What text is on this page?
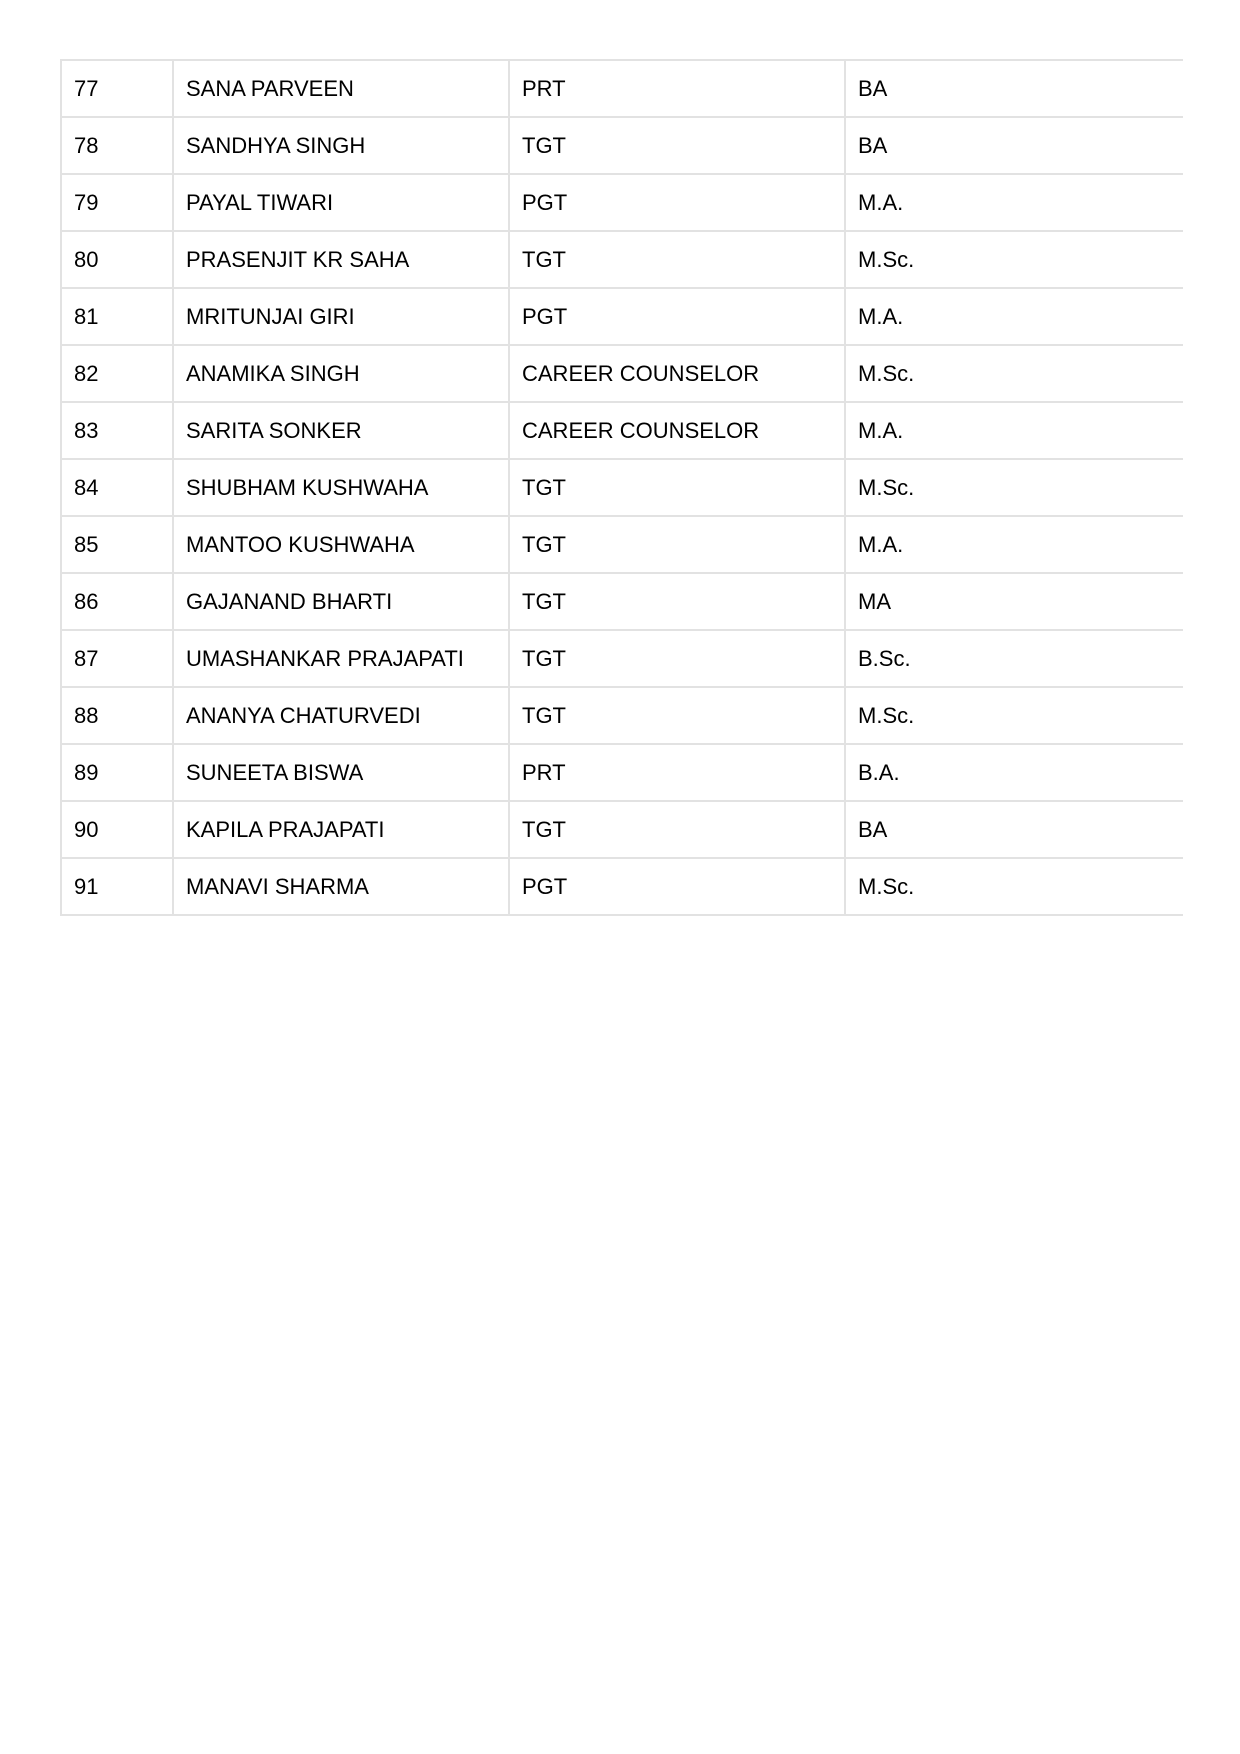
77	SANA PARVEEN	PRT	BA
78	SANDHYA SINGH	TGT	BA
79	PAYAL TIWARI	PGT	M.A.
80	PRASENJIT KR SAHA	TGT	M.Sc.
81	MRITUNJAI GIRI	PGT	M.A.
82	ANAMIKA SINGH	CAREER COUNSELOR	M.Sc.
83	SARITA SONKER	CAREER COUNSELOR	M.A.
84	SHUBHAM KUSHWAHA	TGT	M.Sc.
85	MANTOO KUSHWAHA	TGT	M.A.
86	GAJANAND BHARTI	TGT	MA
87	UMASHANKAR PRAJAPATI	TGT	B.Sc.
88	ANANYA CHATURVEDI	TGT	M.Sc.
89	SUNEETA BISWA	PRT	B.A.
90	KAPILA PRAJAPATI	TGT	BA
91	MANAVI SHARMA	PGT	M.Sc.
